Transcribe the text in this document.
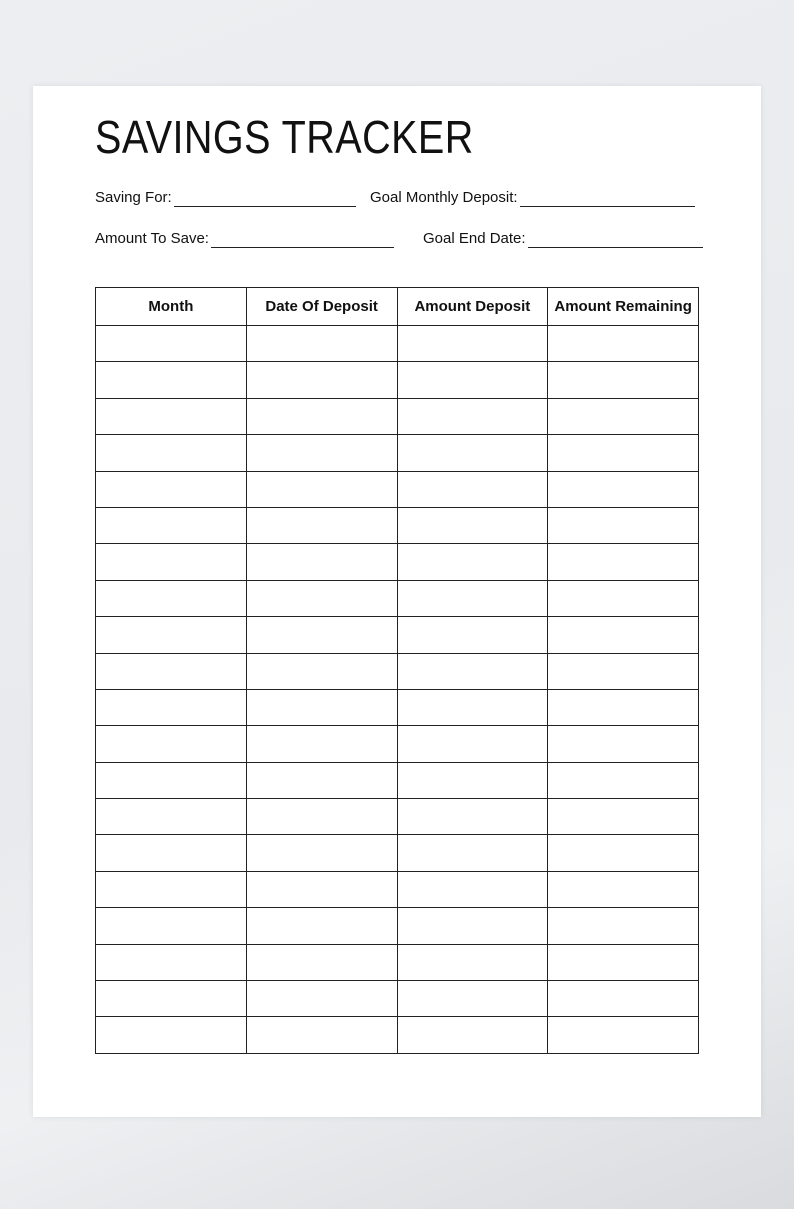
SAVINGS TRACKER
Saving For:	Goal Monthly Deposit:
Amount To Save:	Goal End Date:
Month	Date Of Deposit	Amount Deposit	Amount Remaining
